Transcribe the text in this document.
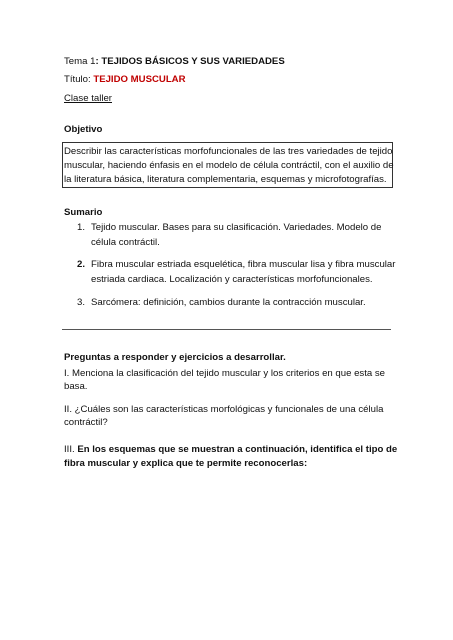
Tema 1: TEJIDOS BÁSICOS Y SUS VARIEDADES
Título: TEJIDO MUSCULAR
Clase taller
Objetivo
Describir las características morfofuncionales de las tres variedades de tejido
muscular, haciendo énfasis en el modelo de célula contráctil, con el auxilio de
la literatura básica, literatura complementaria, esquemas y microfotografías.
Sumario
1. Tejido muscular. Bases para su clasificación. Variedades. Modelo de
célula contráctil.
2. Fibra muscular estriada esquelética, fibra muscular lisa y fibra muscular
estriada cardiaca. Localización y características morfofuncionales.
3. Sarcómera: definición, cambios durante la contracción muscular.
Preguntas a responder y ejercicios a desarrollar.
I. Menciona la clasificación del tejido muscular y los criterios en que esta se
basa.
II. ¿Cuáles son las características morfológicas y funcionales de una célula
contráctil?
III. En los esquemas que se muestran a continuación, identifica el tipo de
fibra muscular y explica que te permite reconocerlas:
